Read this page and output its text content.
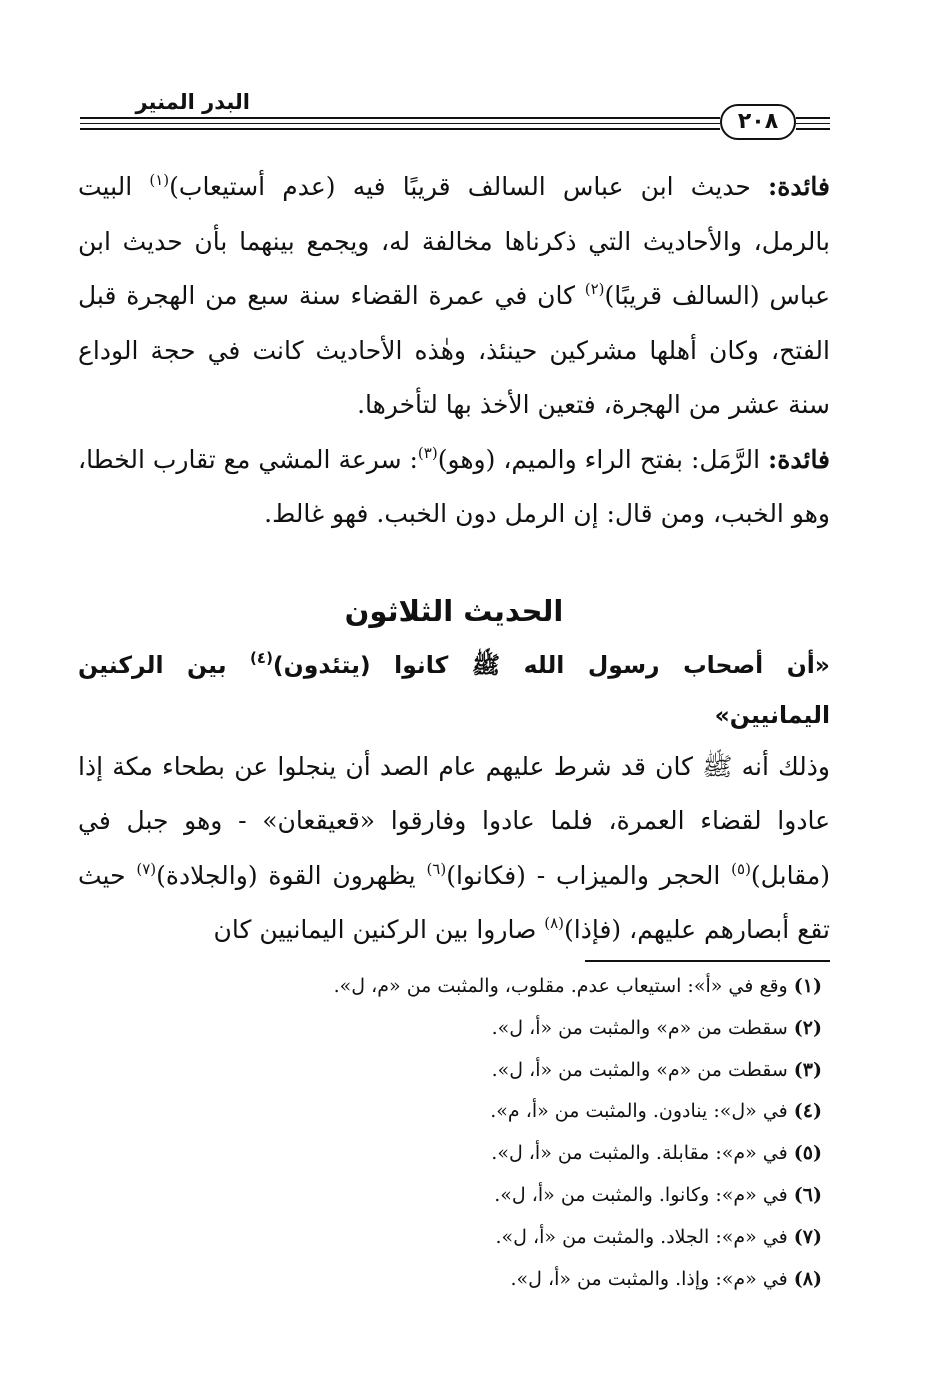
البدر المنير
٢٠٨

فائدة: حديث ابن عباس السالف قريبًا فيه (عدم أستيعاب)$^{(١)}$ البيت بالرمل، والأحاديث التي ذكرناها مخالفة له، ويجمع بينهما بأن حديث ابن عباس (السالف قريبًا)$^{(٢)}$ كان في عمرة القضاء سنة سبع من الهجرة قبل الفتح، وكان أهلها مشركين حينئذ، وهٰذه الأحاديث كانت في حجة الوداع سنة عشر من الهجرة، فتعين الأخذ بها لتأخرها.

فائدة: الرَّمَل: بفتح الراء والميم، (وهو)$^{(٣)}$: سرعة المشي مع تقارب الخطا، وهو الخبب، ومن قال: إن الرمل دون الخبب. فهو غالط.

الحديث الثلاثون

«أن أصحاب رسول الله ﷺ كانوا (يتئدون)$^{(٤)}$ بين الركنين اليمانيين»

وذلك أنه ﷺ كان قد شرط عليهم عام الصد أن ينجلوا عن بطحاء مكة إذا عادوا لقضاء العمرة، فلما عادوا وفارقوا «قعيقعان» - وهو جبل في (مقابل)$^{(٥)}$ الحجر والميزاب - (فكانوا)$^{(٦)}$ يظهرون القوة (والجلادة)$^{(٧)}$ حيث تقع أبصارهم عليهم، (فإذا)$^{(٨)}$ صاروا بين الركنين اليمانيين كان

(١) وقع في «أ»: استيعاب عدم. مقلوب، والمثبت من «م، ل».
(٢) سقطت من «م» والمثبت من «أ، ل».
(٣) سقطت من «م» والمثبت من «أ، ل».
(٤) في «ل»: ينادون. والمثبت من «أ، م».
(٥) في «م»: مقابلة. والمثبت من «أ، ل».
(٦) في «م»: وكانوا. والمثبت من «أ، ل».
(٧) في «م»: الجلاد. والمثبت من «أ، ل».
(٨) في «م»: وإذا. والمثبت من «أ، ل».
